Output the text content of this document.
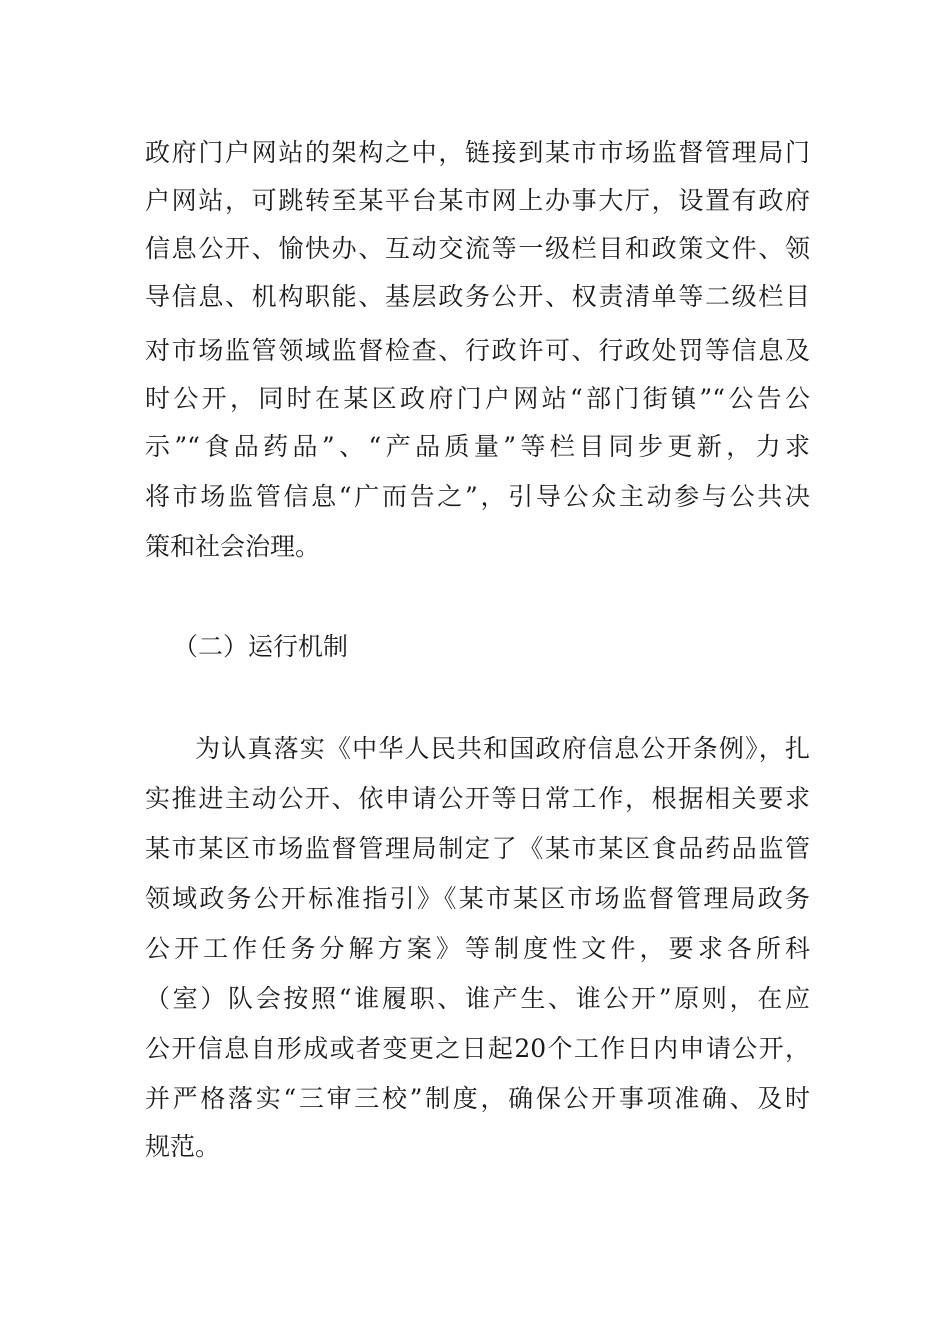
政府门户网站的架构之中，链接到某市市场监督管理局门
户网站，可跳转至某平台某市网上办事大厅，设置有政府
信息公开、愉快办、互动交流等一级栏目和政策文件、领
导信息、机构职能、基层政务公开、权责清单等二级栏目
对市场监管领域监督检查、行政许可、行政处罚等信息及
时公开，同时在某区政府门户网站“部门街镇”“公告公
示”“食品药品”、“产品质量”等栏目同步更新，力求
将市场监管信息“广而告之”，引导公众主动参与公共决
策和社会治理。
（二）运行机制
为认真落实《中华人民共和国政府信息公开条例》，扎
实推进主动公开、依申请公开等日常工作，根据相关要求
某市某区市场监督管理局制定了《某市某区食品药品监管
领域政务公开标准指引》《某市某区市场监督管理局政务
公开工作任务分解方案》等制度性文件，要求各所科
（室）队会按照“谁履职、谁产生、谁公开”原则，在应
公开信息自形成或者变更之日起20个工作日内申请公开，
并严格落实“三审三校”制度，确保公开事项准确、及时
规范。
